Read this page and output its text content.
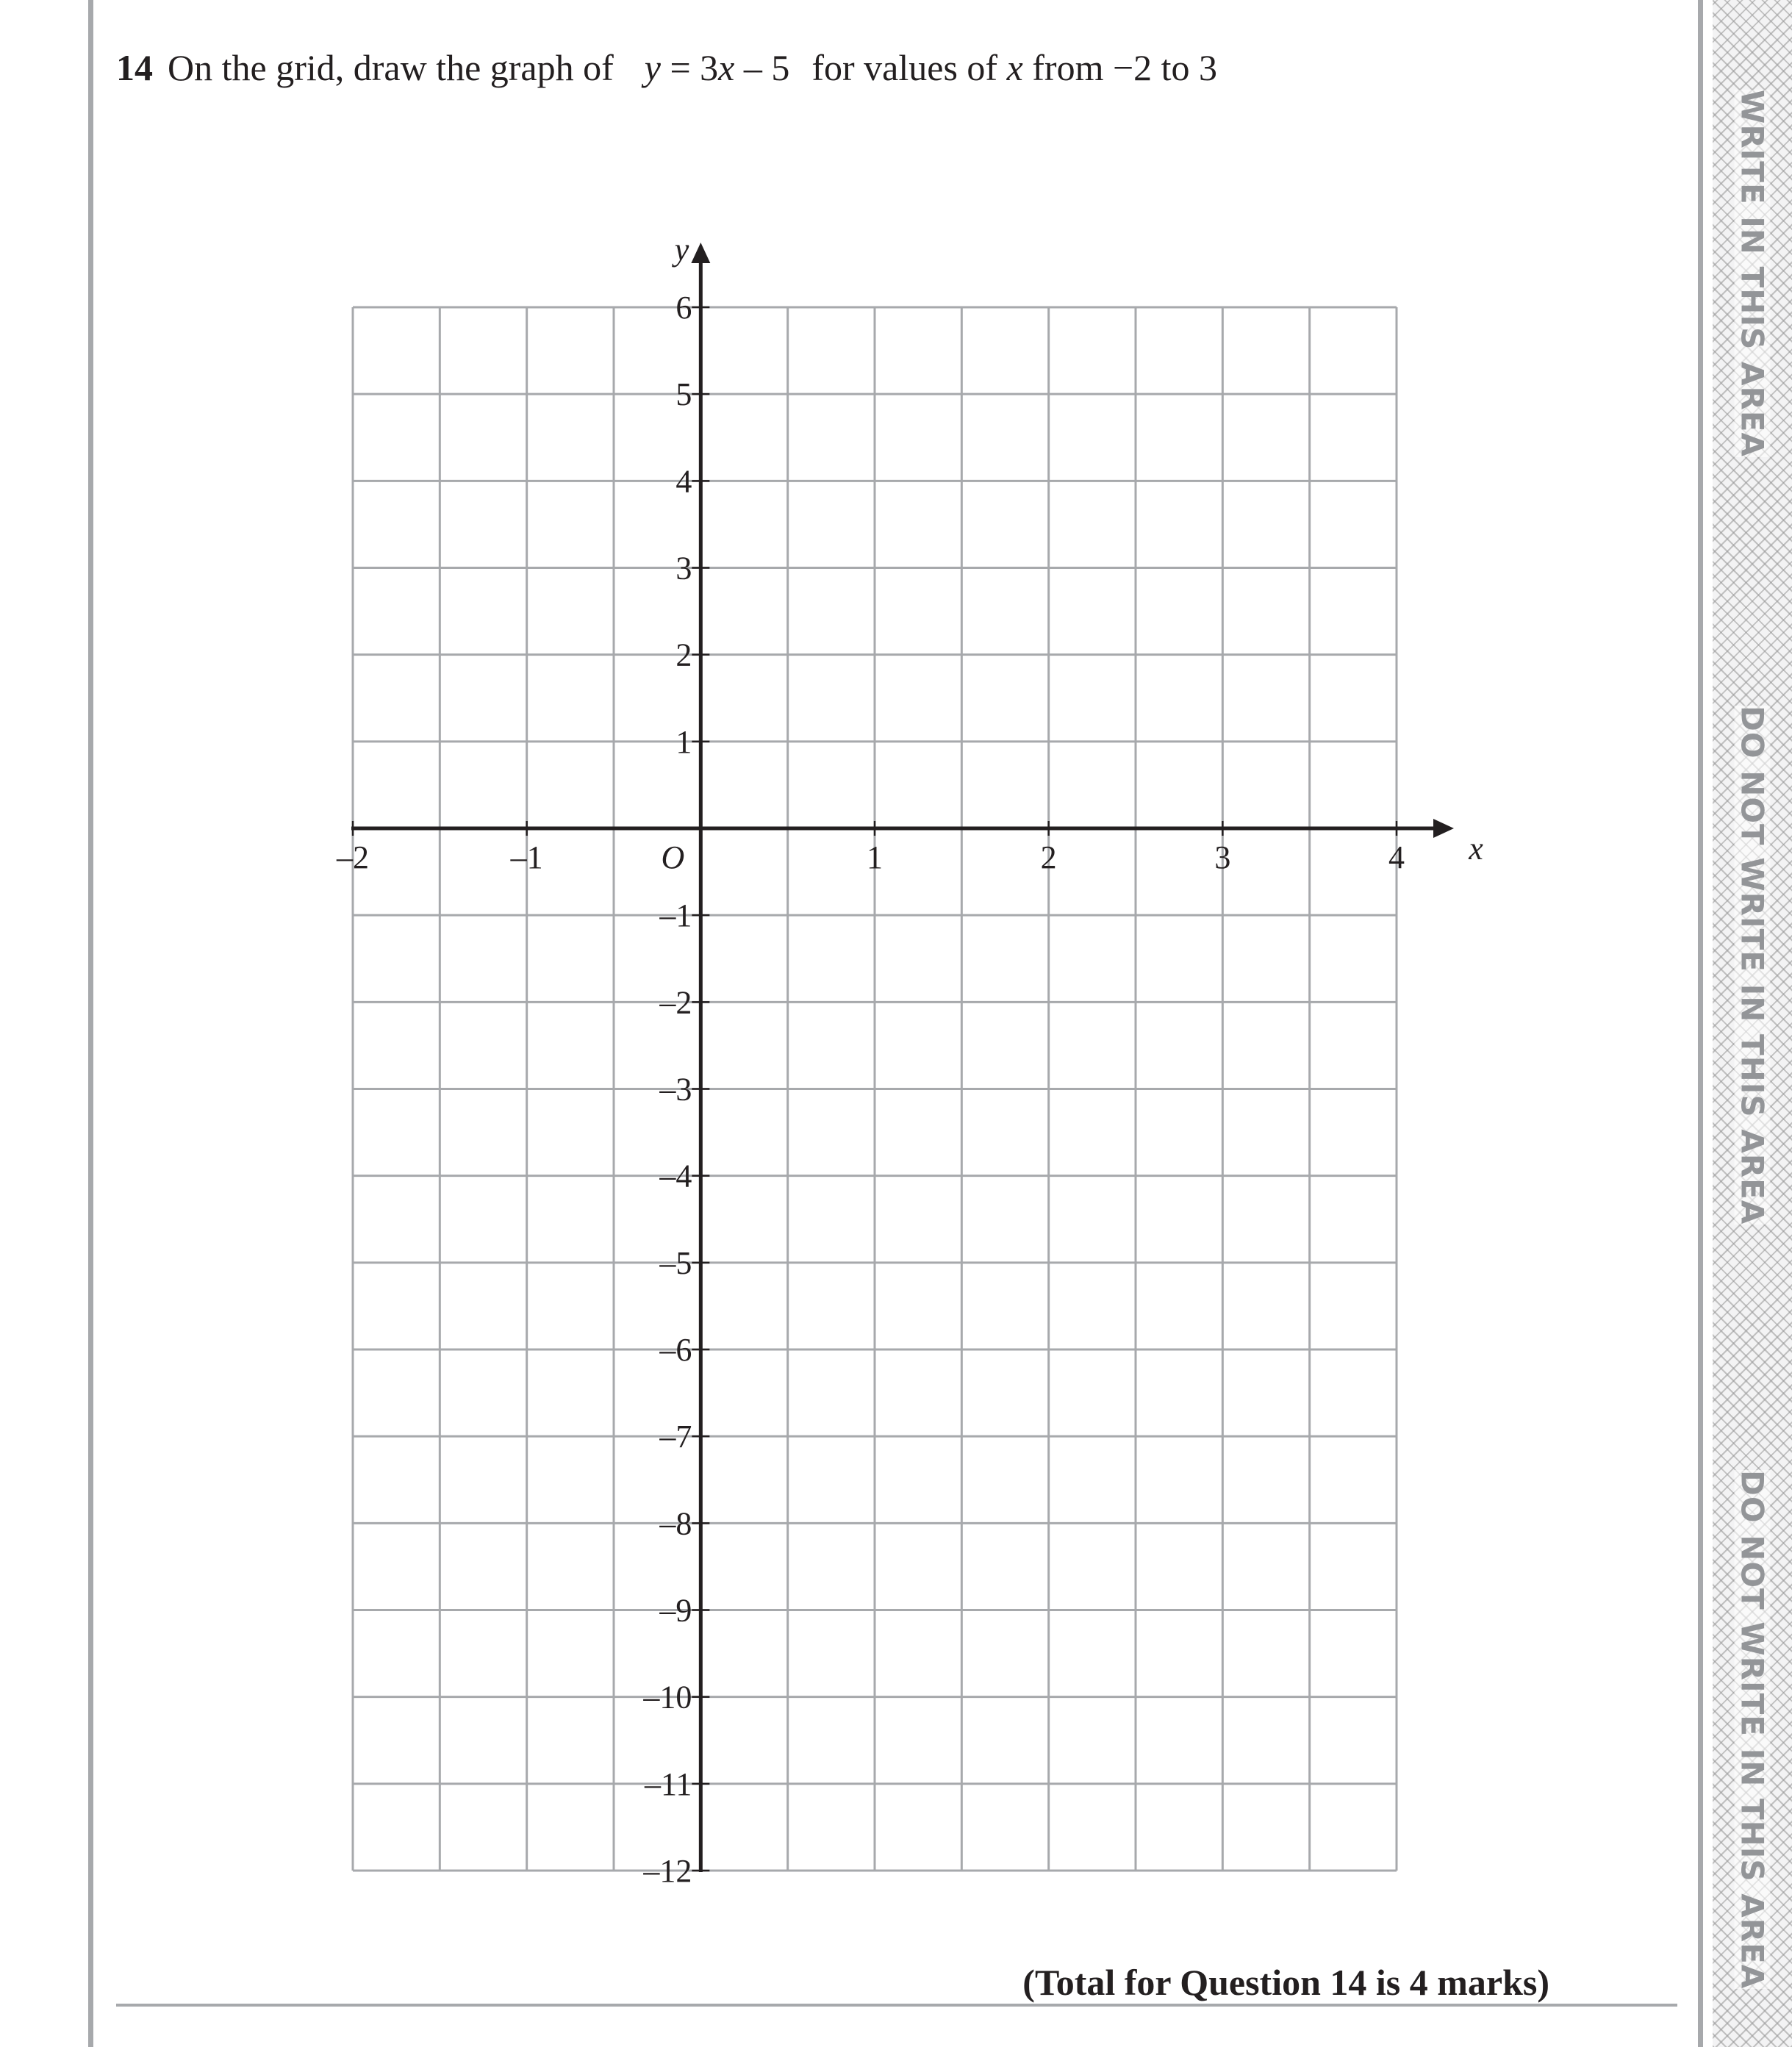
14 On the grid, draw the graph of y = 3x – 5 for values of x from −2 to 3
–2	–1	1	2	3	4
6
5
4
3
2
1
–1
–2
–3
–4
–5
–6
–7
–8
–9
–10
–11
–12
O	x
y
(Total for Question 14 is 4 marks)
WRITE IN THIS AREA
DO NOT WRITE IN THIS AREA
DO NOT WRITE IN THIS AREA
